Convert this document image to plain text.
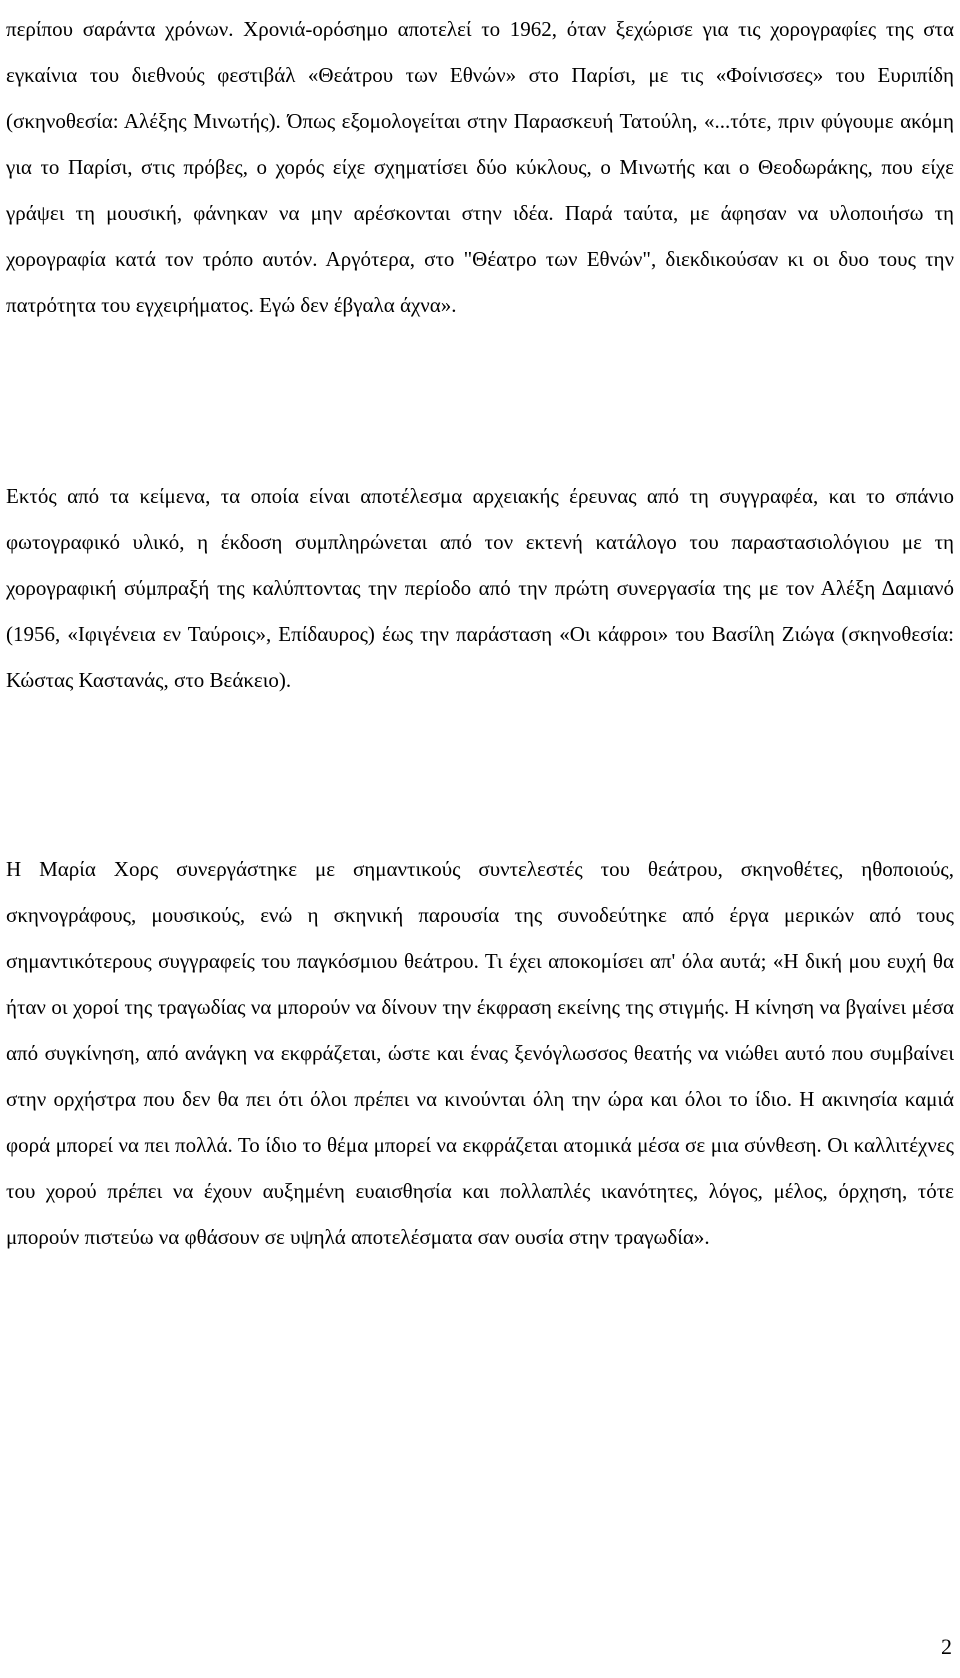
περίπου σαράντα χρόνων. Χρονιά-ορόσημο αποτελεί το 1962, όταν ξεχώρισε για τις χορογραφίες της στα εγκαίνια του διεθνούς φεστιβάλ «Θεάτρου των Εθνών» στο Παρίσι, με τις «Φοίνισσες» του Ευριπίδη (σκηνοθεσία: Αλέξης Μινωτής). Όπως εξομολογείται στην Παρασκευή Τατούλη, «...τότε, πριν φύγουμε ακόμη για το Παρίσι, στις πρόβες, ο χορός είχε σχηματίσει δύο κύκλους, ο Μινωτής και ο Θεοδωράκης, που είχε γράψει τη μουσική, φάνηκαν να μην αρέσκονται στην ιδέα. Παρά ταύτα, με άφησαν να υλοποιήσω τη χορογραφία κατά τον τρόπο αυτόν. Αργότερα, στο "Θέατρο των Εθνών", διεκδικούσαν κι οι δυο τους την πατρότητα του εγχειρήματος. Εγώ δεν έβγαλα άχνα».

Εκτός από τα κείμενα, τα οποία είναι αποτέλεσμα αρχειακής έρευνας από τη συγγραφέα, και το σπάνιο φωτογραφικό υλικό, η έκδοση συμπληρώνεται από τον εκτενή κατάλογο του παραστασιολόγιου με τη χορογραφική σύμπραξή της καλύπτοντας την περίοδο από την πρώτη συνεργασία της με τον Αλέξη Δαμιανό (1956, «Ιφιγένεια εν Ταύροις», Επίδαυρος) έως την παράσταση «Οι κάφροι» του Βασίλη Ζιώγα (σκηνοθεσία: Κώστας Καστανάς, στο Βεάκειο).

Η Μαρία Χορς συνεργάστηκε με σημαντικούς συντελεστές του θεάτρου, σκηνοθέτες, ηθοποιούς, σκηνογράφους, μουσικούς, ενώ η σκηνική παρουσία της συνοδεύτηκε από έργα μερικών από τους σημαντικότερους συγγραφείς του παγκόσμιου θεάτρου. Τι έχει αποκομίσει απ' όλα αυτά; «Η δική μου ευχή θα ήταν οι χοροί της τραγωδίας να μπορούν να δίνουν την έκφραση εκείνης της στιγμής. Η κίνηση να βγαίνει μέσα από συγκίνηση, από ανάγκη να εκφράζεται, ώστε και ένας ξενόγλωσσος θεατής να νιώθει αυτό που συμβαίνει στην ορχήστρα που δεν θα πει ότι όλοι πρέπει να κινούνται όλη την ώρα και όλοι το ίδιο. Η ακινησία καμιά φορά μπορεί να πει πολλά. Το ίδιο το θέμα μπορεί να εκφράζεται ατομικά μέσα σε μια σύνθεση. Οι καλλιτέχνες του χορού πρέπει να έχουν αυξημένη ευαισθησία και πολλαπλές ικανότητες, λόγος, μέλος, όρχηση, τότε μπορούν πιστεύω να φθάσουν σε υψηλά αποτελέσματα σαν ουσία στην τραγωδία».

2
